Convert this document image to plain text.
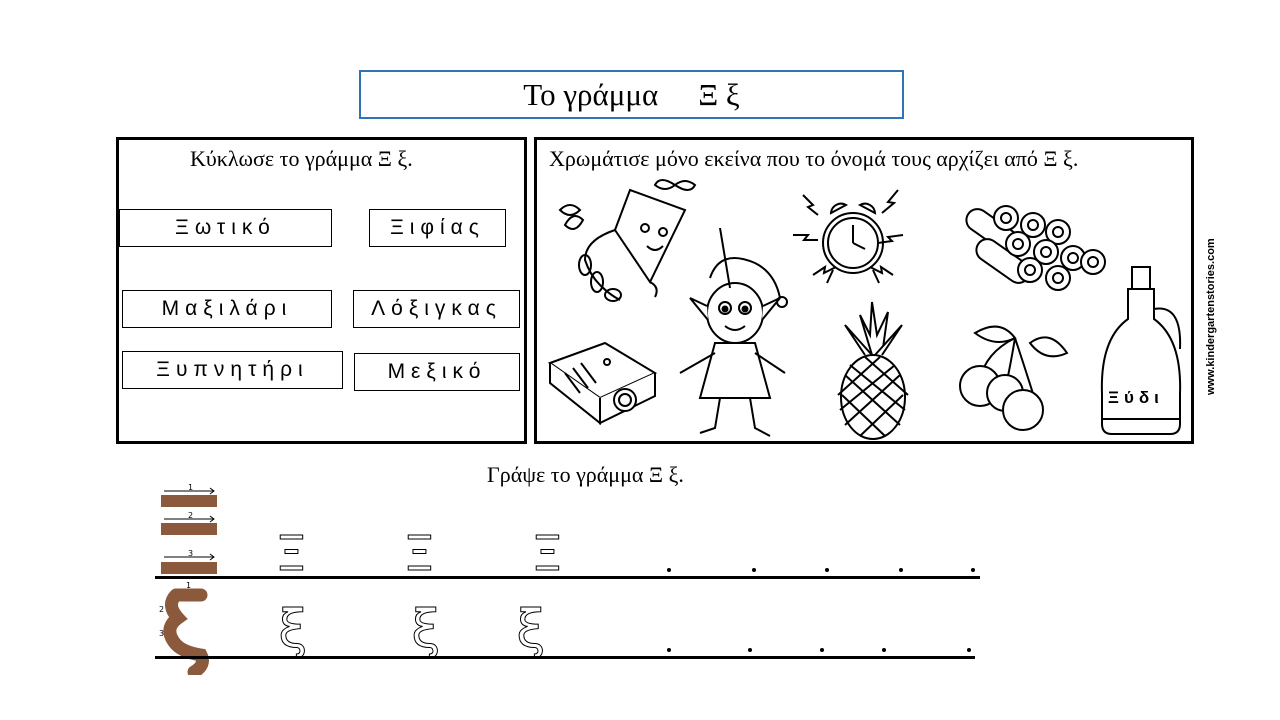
Το γράμμα Ξ ξ
Κύκλωσε το γράμμα Ξ ξ.
Ξωτικό	Ξιφίας
Μαξιλάρι	Λόξιγκας
Ξυπνητήρι	Μεξικό
Χρωμάτισε μόνο εκείνα που το όνομά τους αρχίζει από Ξ ξ.
Ξύδι
www.kindergartenstories.com
Γράψε το γράμμα Ξ ξ.
1
2
3
1
2
3
Ξ Ξ Ξ
ξ ξ ξ
